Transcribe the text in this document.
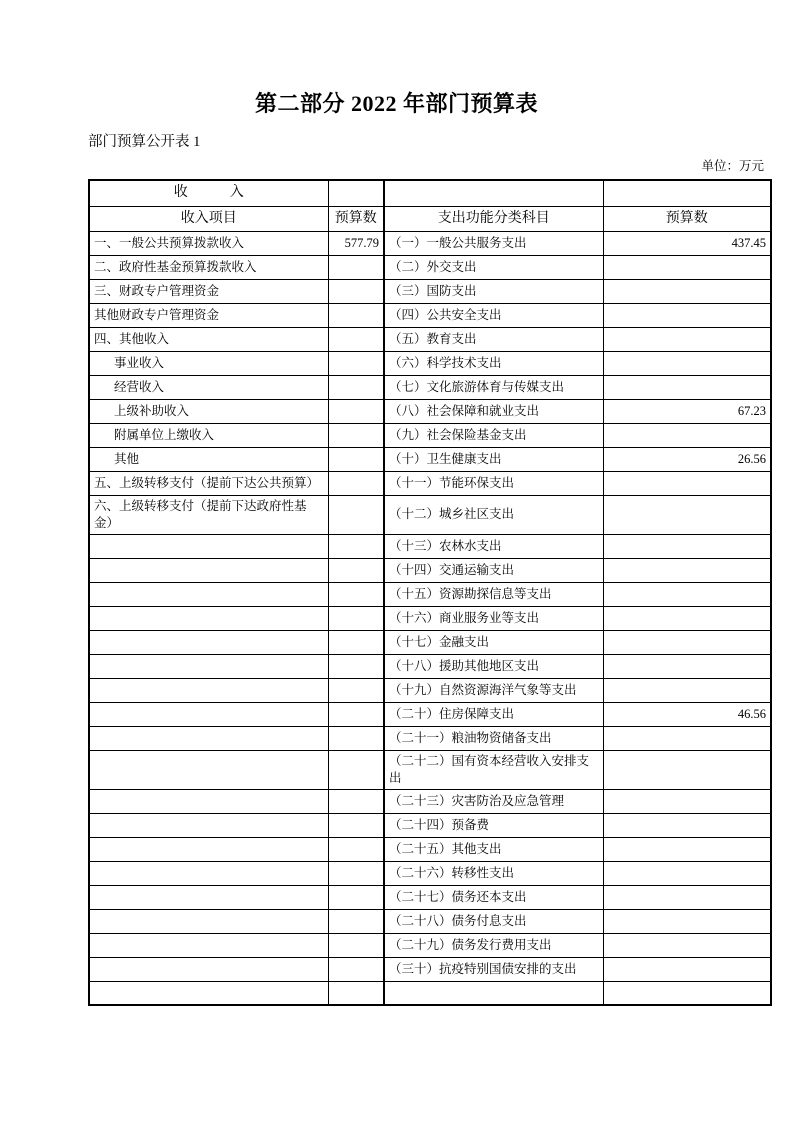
第二部分 2022 年部门预算表
部门预算公开表 1
单位：万元
收　　　入			
收入项目	预算数	支出功能分类科目	预算数
一、一般公共预算拨款收入	577.79	（一）一般公共服务支出	437.45
二、政府性基金预算拨款收入		（二）外交支出	
三、财政专户管理资金		（三）国防支出	
其他财政专户管理资金		（四）公共安全支出	
四、其他收入		（五）教育支出	
事业收入		（六）科学技术支出	
经营收入		（七）文化旅游体育与传媒支出	
上级补助收入		（八）社会保障和就业支出	67.23
附属单位上缴收入		（九）社会保险基金支出	
其他		（十）卫生健康支出	26.56
五、上级转移支付（提前下达公共预算）		（十一）节能环保支出	
六、上级转移支付（提前下达政府性基金）		（十二）城乡社区支出	
		（十三）农林水支出	
		（十四）交通运输支出	
		（十五）资源勘探信息等支出	
		（十六）商业服务业等支出	
		（十七）金融支出	
		（十八）援助其他地区支出	
		（十九）自然资源海洋气象等支出	
		（二十）住房保障支出	46.56
		（二十一）粮油物资储备支出	
		（二十二）国有资本经营收入安排支出	
		（二十三）灾害防治及应急管理	
		（二十四）预备费	
		（二十五）其他支出	
		（二十六）转移性支出	
		（二十七）债务还本支出	
		（二十八）债务付息支出	
		（二十九）债务发行费用支出	
		（三十）抗疫特别国债安排的支出	
